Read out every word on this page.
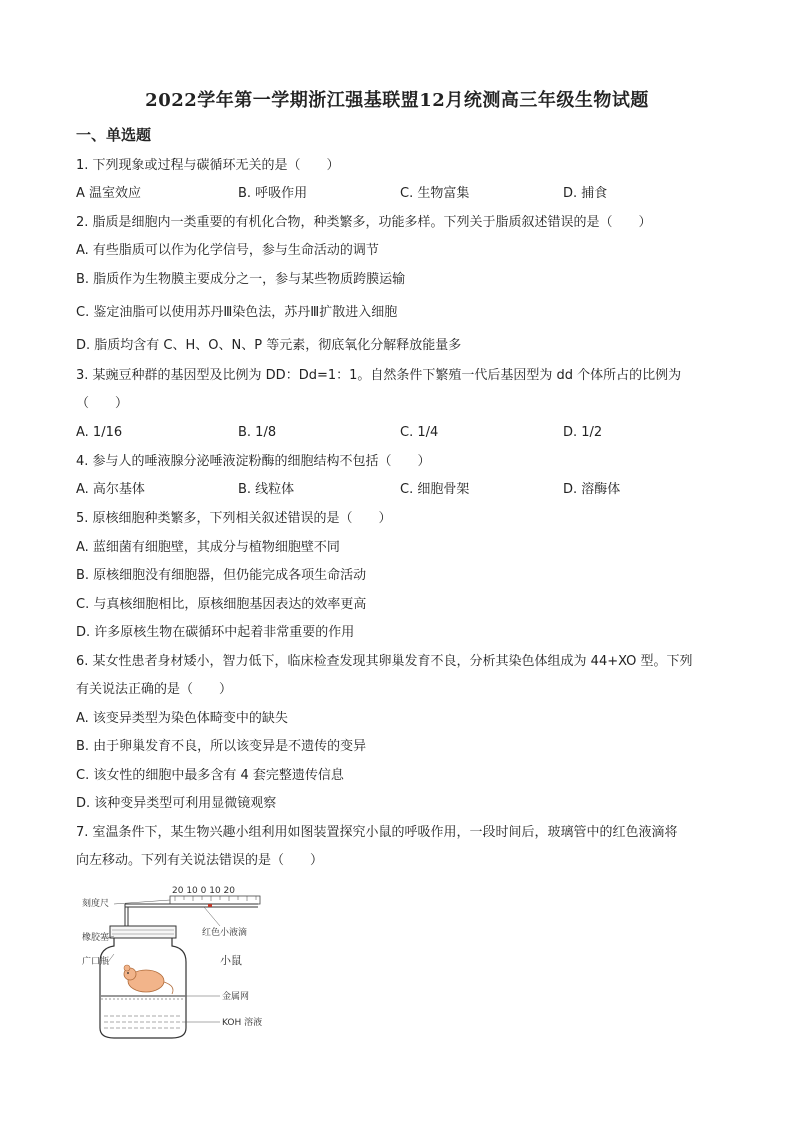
2022学年第一学期浙江强基联盟12月统测高三年级生物试题
一、单选题
1. 下列现象或过程与碳循环无关的是（　　）
A 温室效应	B. 呼吸作用	C. 生物富集	D. 捕食
2. 脂质是细胞内一类重要的有机化合物，种类繁多，功能多样。下列关于脂质叙述错误的是（　　）
A. 有些脂质可以作为化学信号，参与生命活动的调节
B. 脂质作为生物膜主要成分之一，参与某些物质跨膜运输
C. 鉴定油脂可以使用苏丹Ⅲ染色法，苏丹Ⅲ扩散进入细胞
D. 脂质均含有 C、H、O、N、P 等元素，彻底氧化分解释放能量多
3. 某豌豆种群的基因型及比例为 DD：Dd=1：1。自然条件下繁殖一代后基因型为 dd 个体所占的比例为
（　　）
A. 1/16	B. 1/8	C. 1/4	D. 1/2
4. 参与人的唾液腺分泌唾液淀粉酶的细胞结构不包括（　　）
A. 高尔基体	B. 线粒体	C. 细胞骨架	D. 溶酶体
5. 原核细胞种类繁多，下列相关叙述错误的是（　　）
A. 蓝细菌有细胞壁，其成分与植物细胞壁不同
B. 原核细胞没有细胞器，但仍能完成各项生命活动
C. 与真核细胞相比，原核细胞基因表达的效率更高
D. 许多原核生物在碳循环中起着非常重要的作用
6. 某女性患者身材矮小，智力低下，临床检查发现其卵巢发育不良，分析其染色体组成为 44+XO 型。下列
有关说法正确的是（　　）
A. 该变异类型为染色体畸变中的缺失
B. 由于卵巢发育不良，所以该变异是不遗传的变异
C. 该女性的细胞中最多含有 4 套完整遗传信息
D. 该种变异类型可利用显微镜观察
7. 室温条件下，某生物兴趣小组利用如图装置探究小鼠的呼吸作用，一段时间后，玻璃管中的红色液滴将
向左移动。下列有关说法错误的是（　　）
20 10 0 10 20
刻度尺
橡胶塞
广口瓶
红色小液滴
小鼠
金属网
KOH 溶液
